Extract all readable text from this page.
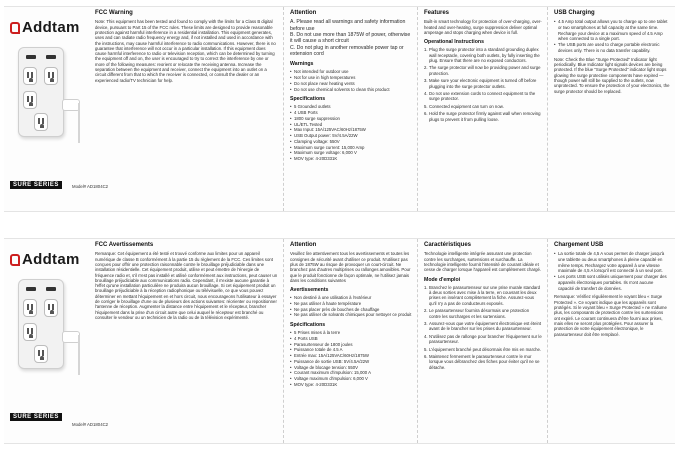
Addtam
SURE SERIES	Model# AD1804C2
FCC Warning
Note: This equipment has been tested and found to comply with the limits for a Class B digital device, pursuant to Part 15 of the FCC rules. These limits are designed to provide reasonable protection against harmful interference in a residential installation. This equipment generates, uses and can radiate radio frequency energy and, if not installed and used in accordance with the instructions, may cause harmful interference to radio communications. However, there is no guarantee that interference will not occur in a particular installation. If this equipment does cause harmful interference to radio or television reception, which can be determined by turning the equipment off and on, the user is encouraged to try to correct the interference by one or more of the following measures: reorient or relocate the receiving antenna. Increase the separation between the equipment and receiver, connect the equipment into an outlet on a circuit different from that to which the receiver is connected, or consult the dealer or an experienced radio/TV technician for help.
Attention
A. Please read all warnings and safety information before use
B. Do not use more than 1875W of power, otherwise it will cause a short circuit
C. Do not plug in another removable power tap or extension cord
Warnings
• Not intended for outdoor use
• Not for use in high temperatures
• Do not place near heating vents
• Do not use chemical solvents to clean this product
Specifications
• 5 Grounded outlets
• 4 USB Ports
• 1800 surge suppression
• UL/ETL Tested
• Max Input: 15A/125VAC/60Hz/1875W
• USB Output power: 5V/4.5A/22W
• Clamping voltage: 550V
• Maximum surge current: 15,000 Amp
• Maximum surge voltage: 6,000 V
• MOV type: 4-20D331K
Features
Built-in smart technology for protection of over-charging, over-heated and over-heating, surge suppression deliver optimal amperage and stops charging when device is full.
Operational Instructions
1. Plug the surge protector into a standard grounding duplex wall receptacle, covering both outlets, by fully inserting the plug. Ensure that there are no exposed conductors.
2. The surge protector will now be providing power and surge protection.
3. Make sure your electronic equipment is turned off before plugging into the surge protector outlets.
4. Do not use extension cords to connect equipment to the surge protector.
5. Connected equipment can turn on now.
6. Hold the surge protector firmly against wall when removing plugs to prevent it from pulling loose.
USB Charging
• 4.5 Amp total output allows you to charge up to one tablet or two smartphones at full capacity at the same time. Recharge your device at a maximum speed of 4.5 Amp when connected to a single port.
• The USB ports are used to charge portable electronic devices only. There is no data transfer capability.
Note: Check the Blue "Surge Protected" Indicator light periodically. Blue Indicator light signals devices are being protected. If the blue "Surge Protected" indicator light stops glowing the surge protective components have expired — though power will still be supplied to the outlets, now unprotected. To ensure the protection of your electronics, the surge protector should be replaced.
Addtam
SURE SERIES
Model# AD1804C2
FCC Avertissements
Remarque: Cet équipement a été testé et trouvé conforme aux limites pour un appareil numérique de classe B conformément à la partie 15 du règlement de la FCC. Ces limites sont conçues pour offrir une protection raisonnable contre le brouillage préjudiciable dans une installation résidentielle. Cet équipement produit, utilise et peut émettre de l'énergie de fréquence radio et, s'il n'est pas installé et utilisé conformément aux instructions, peut causer un brouillage préjudiciable aux communications radio. Cependant, il n'existe aucune garantie à l'effet qu'une installation particulière ne produira aucun brouillage. Si cet équipement produit un brouillage préjudiciable à la réception radiophonique ou télévisuelle, ce que vous pouvez déterminer en mettant l'équipement en et hors circuit, nous encourageons l'utilisateur à essayer de corriger le brouillage d'une ou de plusieurs des actions suivantes: réorienter ou repositionner l'antenne de réception. Augmenter la distance entre l'équipement et le récepteur, brancher l'équipement dans la prise d'un circuit autre que celui auquel le récepteur est branché ou consulter le vendeur ou un technicien de la radio ou de la télévision expérimenté.
Attention
Veuillez lire attentivement tous les avertissements et toutes les consignes de sécurité avant d'utiliser ce produit. N'utilisez pas plus de 1875W au risque de provoquer un court-circuit. Ne branchez pas d'autres multiprises ou rallonges amovibles. Pour que le produit fonctionne de façon optimale, ne l'utilisez jamais dans les conditions suivantes
Avertissements
• Non destiné à une utilisation à l'extérieur
• Ne pas utiliser à haute température
• Ne pas placer près de bouches de chauffage
• Ne pas utiliser de solvants chimiques pour nettoyer ce produit
Spécifications
• 5 Prises mises à la terre
• 4 Ports USB
• Parasurtenseur de 1800 joules
• Puissance totale de 4.5 A
• Entrée max: 15A/125VAC/60Hz/1875W
• Puissance de sortie USB: 5V/4.5A/22W
• Voltage de blocage tension: 550V
• Courant maximum d'impulsion: 15,000 A
• Voltage maximum d'impulsion: 6,000 V
• MOV type: 4-20D331K
Caractéristiques
Technologie intelligente intégrée assurant une protection contre les surcharges, surtensions et surchauffe. La technologie intelligente fournit l'intensité de courant idéale et cesse de charger lorsque l'appareil est complètement chargé.
Mode d'emploi
1. Branchez le parasurtenseur sur une prise murale standard à deux sorties avec mise à la terre, en couvrant les deux prises en insérant complètement la fiche. Assurez-vous qu'il n'y a pas de conducteurs exposés.
2. Le parasurtenseur fournira désormais une protection contre les surcharges et les surtensions.
3. Assurez-vous que votre équipement électronique est éteint avant de le brancher sur les prises du parasurtenseur.
4. N'utilisez pas de rallonge pour brancher l'équipement sur le parasurtenseur.
5. L'équipement branché peut désormais être mis en marche.
6. Maintenez fermement le parasurtenseur contre le mur lorsque vous débranchez des fiches pour éviter qu'il ne se détache.
Chargement USB
• La sortie totale de 4,5 A vous permet de charger jusqu'à une tablette ou deux smartphones à pleine capacité en même temps. Rechargez votre appareil à une vitesse maximale de 4,5 A lorsqu'il est connecté à un seul port.
• Les ports USB sont utilisés uniquement pour charger des appareils électroniques portables. Ils n'ont aucune capacité de transfert de données.
Remarque: Vérifiez régulièrement le voyant bleu « Surge Protected ». Ce voyant indique que les appareils sont protégés. Si le voyant bleu « Surge Protected » ne s'allume plus, les composants de protection contre les surtensions ont expiré. Le courant continuera d'être fourni aux prises, mais elles ne seront plus protégées. Pour assurer la protection de votre équipement électronique, le parasurtenseur doit être remplacé.
